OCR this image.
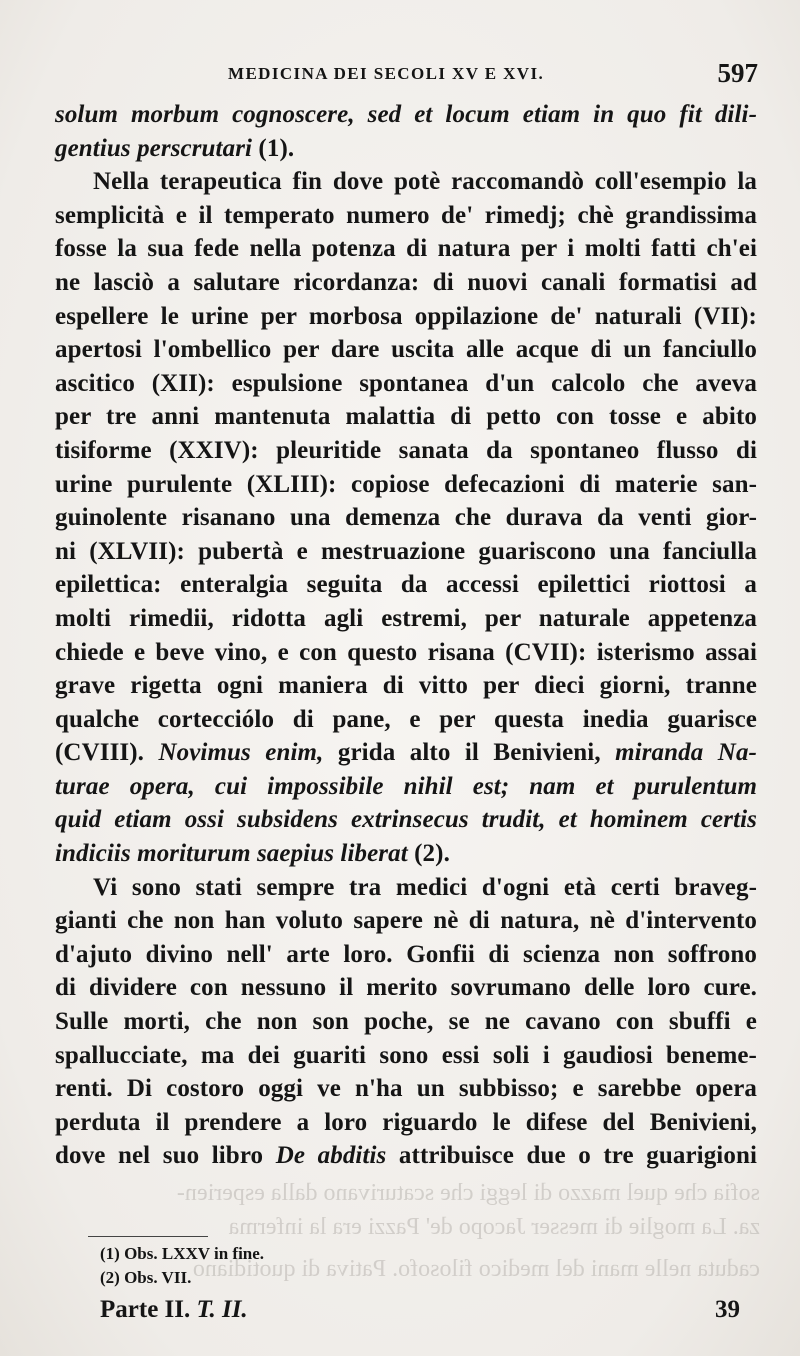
sofia che quel mazzo di leggi che scaturivano dalla esperien-
za. La moglie di messer Jacopo de' Pazzi era la inferma
caduta nelle mani del medico filosofo. Pativa di quotidiano
MEDICINA DEI SECOLI XV E XVI.	597
solum morbum cognoscere, sed et locum etiam in quo fit dili-
gentius perscrutari (1).
Nella terapeutica fin dove potè raccomandò coll'esempio la
semplicità e il temperato numero de' rimedj; chè grandissima
fosse la sua fede nella potenza di natura per i molti fatti ch'ei
ne lasciò a salutare ricordanza: di nuovi canali formatisi ad
espellere le urine per morbosa oppilazione de' naturali (VII):
apertosi l'ombellico per dare uscita alle acque di un fanciullo
ascitico (XII): espulsione spontanea d'un calcolo che aveva
per tre anni mantenuta malattia di petto con tosse e abito
tisiforme (XXIV): pleuritide sanata da spontaneo flusso di
urine purulente (XLIII): copiose defecazioni di materie san-
guinolente risanano una demenza che durava da venti gior-
ni (XLVII): pubertà e mestruazione guariscono una fanciulla
epilettica: enteralgia seguita da accessi epilettici riottosi a
molti rimedii, ridotta agli estremi, per naturale appetenza
chiede e beve vino, e con questo risana (CVII): isterismo assai
grave rigetta ogni maniera di vitto per dieci giorni, tranne
qualche cortecciólo di pane, e per questa inedia guarisce
(CVIII). Novimus enim, grida alto il Benivieni, miranda Na-
turae opera, cui impossibile nihil est; nam et purulentum
quid etiam ossi subsidens extrinsecus trudit, et hominem certis
indiciis moriturum saepius liberat (2).
Vi sono stati sempre tra medici d'ogni età certi braveg-
gianti che non han voluto sapere nè di natura, nè d'intervento
d'ajuto divino nell' arte loro. Gonfii di scienza non soffrono
di dividere con nessuno il merito sovrumano delle loro cure.
Sulle morti, che non son poche, se ne cavano con sbuffi e
spallucciate, ma dei guariti sono essi soli i gaudiosi beneme-
renti. Di costoro oggi ve n'ha un subbisso; e sarebbe opera
perduta il prendere a loro riguardo le difese del Benivieni,
dove nel suo libro De abditis attribuisce due o tre guarigioni
(1) Obs. LXXV in fine.
(2) Obs. VII.
Parte II. T. II.	39
